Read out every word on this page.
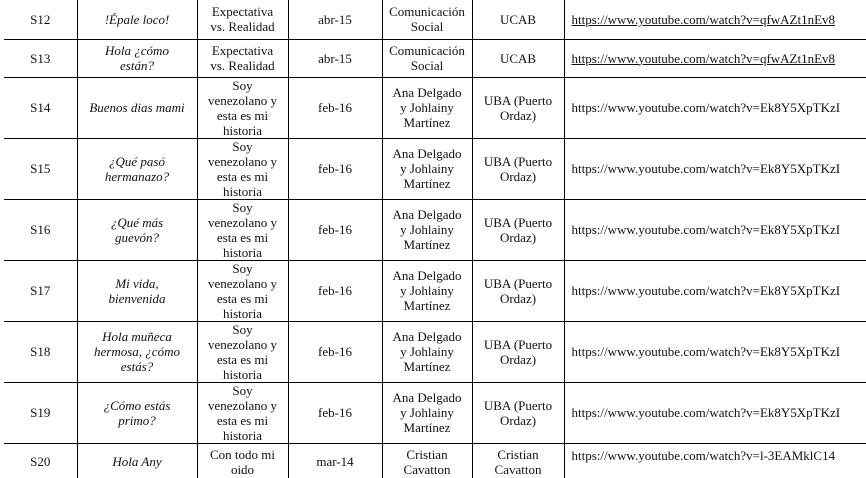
S12	!Épale loco!	Expectativa vs. Realidad	abr-15	Comunicación Social	UCAB	https://www.youtube.com/watch?v=qfwAZt1nEv8
S13	Hola ¿cómo están?	Expectativa vs. Realidad	abr-15	Comunicación Social	UCAB	https://www.youtube.com/watch?v=qfwAZt1nEv8
S14	Buenos dias mami	Soy venezolano y esta es mi historia	feb-16	Ana Delgado y Johlainy Martínez	UBA (Puerto Ordaz)	https://www.youtube.com/watch?v=Ek8Y5XpTKzI
S15	¿Qué pasó hermanazo?	Soy venezolano y esta es mi historia	feb-16	Ana Delgado y Johlainy Martínez	UBA (Puerto Ordaz)	https://www.youtube.com/watch?v=Ek8Y5XpTKzI
S16	¿Qué más guevón?	Soy venezolano y esta es mi historia	feb-16	Ana Delgado y Johlainy Martínez	UBA (Puerto Ordaz)	https://www.youtube.com/watch?v=Ek8Y5XpTKzI
S17	Mi vida, bienvenida	Soy venezolano y esta es mi historia	feb-16	Ana Delgado y Johlainy Martínez	UBA (Puerto Ordaz)	https://www.youtube.com/watch?v=Ek8Y5XpTKzI
S18	Hola muñeca hermosa, ¿cómo estás?	Soy venezolano y esta es mi historia	feb-16	Ana Delgado y Johlainy Martínez	UBA (Puerto Ordaz)	https://www.youtube.com/watch?v=Ek8Y5XpTKzI
S19	¿Cómo estás primo?	Soy venezolano y esta es mi historia	feb-16	Ana Delgado y Johlainy Martínez	UBA (Puerto Ordaz)	https://www.youtube.com/watch?v=Ek8Y5XpTKzI
S20	Hola Any	Con todo mi oido	mar-14	Cristian Cavatton	Cristian Cavatton	https://www.youtube.com/watch?v=l-3EAMklC14
